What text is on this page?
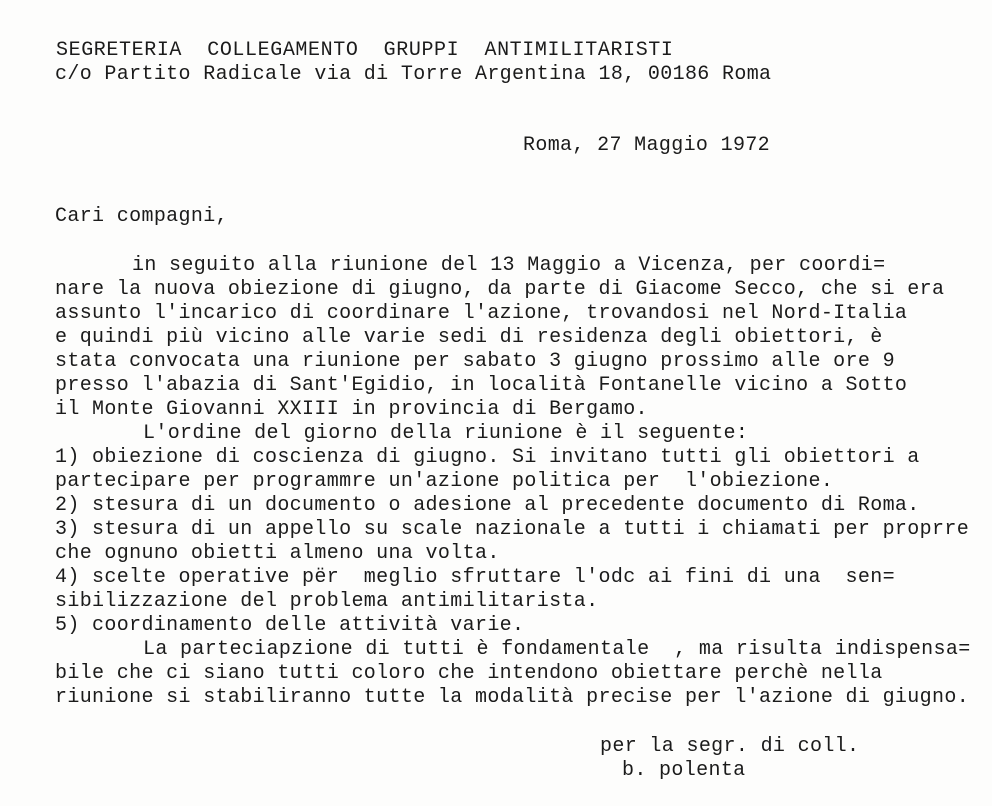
SEGRETERIA  COLLEGAMENTO  GRUPPI  ANTIMILITARISTI

c/o Partito Radicale via di Torre Argentina 18, 00186 Roma

Roma, 27 Maggio 1972

Cari compagni,

in seguito alla riunione del 13 Maggio a Vicenza, per coordi=

nare la nuova obiezione di giugno, da parte di Giacome Secco, che si era

assunto l'incarico di coordinare l'azione, trovandosi nel Nord-Italia

e quindi più vicino alle varie sedi di residenza degli obiettori, è

stata convocata una riunione per sabato 3 giugno prossimo alle ore 9

presso l'abazia di Sant'Egidio, in località Fontanelle vicino a Sotto

il Monte Giovanni XXIII in provincia di Bergamo.

L'ordine del giorno della riunione è il seguente:

1) obiezione di coscienza di giugno. Si invitano tutti gli obiettori a

partecipare per programmre un'azione politica per  l'obiezione.

2) stesura di un documento o adesione al precedente documento di Roma.

3) stesura di un appello su scale nazionale a tutti i chiamati per proprre

che ognuno obietti almeno una volta.

4) scelte operative për  meglio sfruttare l'odc ai fini di una  sen=

sibilizzazione del problema antimilitarista.

5) coordinamento delle attività varie.

La parteciapzione di tutti è fondamentale  , ma risulta indispensa=

bile che ci siano tutti coloro che intendono obiettare perchè nella

riunione si stabiliranno tutte la modalità precise per l'azione di giugno.

per la segr. di coll.

b. polenta
